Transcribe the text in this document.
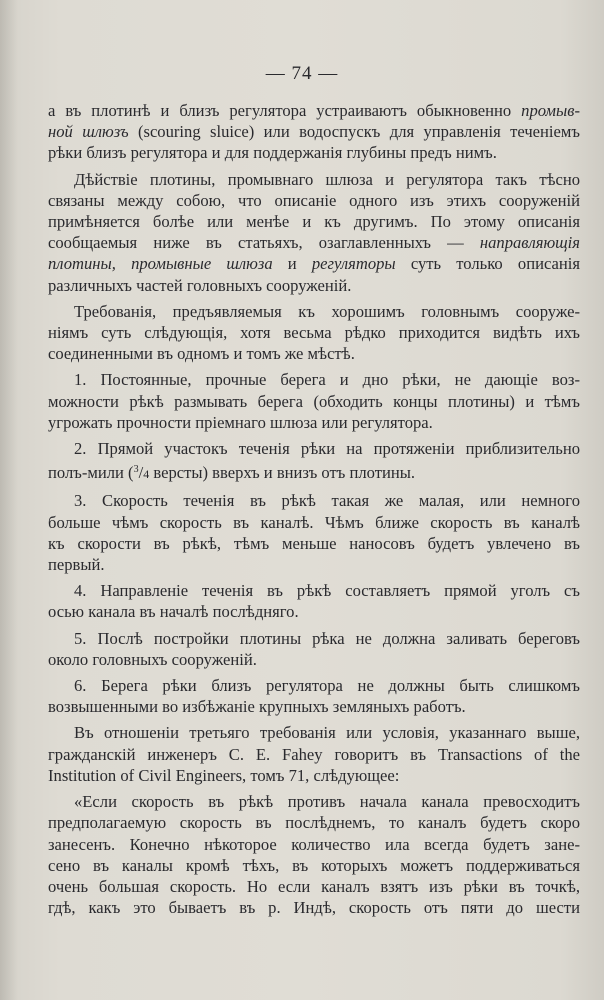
— 74 —
а въ плотинѣ и близъ регулятора устраиваютъ обыкновенно промыв-
ной шлюзъ (scouring sluice) или водоспускъ для управленія теченіемъ
рѣки близъ регулятора и для поддержанія глубины предъ нимъ.
Дѣйствіе плотины, промывнаго шлюза и регулятора такъ тѣсно
связаны между собою, что описаніе одного изъ этихъ сооруженій
примѣняется болѣе или менѣе и къ другимъ. По этому описанія
сообщаемыя ниже въ статьяхъ, озаглавленныхъ — направляющія
плотины, промывные шлюза и регуляторы суть только описанія
различныхъ частей головныхъ сооруженій.
Требованія, предъявляемыя къ хорошимъ головнымъ сооруже-
ніямъ суть слѣдующія, хотя весьма рѣдко приходится видѣть ихъ
соединенными въ одномъ и томъ же мѣстѣ.
1. Постоянные, прочные берега и дно рѣки, не дающіе воз-
можности рѣкѣ размывать берега (обходить концы плотины) и тѣмъ
угрожать прочности пріемнаго шлюза или регулятора.
2. Прямой участокъ теченія рѣки на протяженіи приблизительно
полъ-мили ($^3$/4 версты) вверхъ и внизъ отъ плотины.
3. Скорость теченія въ рѣкѣ такая же малая, или немного
больше чѣмъ скорость въ каналѣ. Чѣмъ ближе скорость въ каналѣ
къ скорости въ рѣкѣ, тѣмъ меньше наносовъ будетъ увлечено въ
первый.
4. Направленіе теченія въ рѣкѣ составляетъ прямой уголъ съ
осью канала въ началѣ послѣдняго.
5. Послѣ постройки плотины рѣка не должна заливать береговъ
около головныхъ сооруженій.
6. Берега рѣки близъ регулятора не должны быть слишкомъ
возвышенными во избѣжаніе крупныхъ земляныхъ работъ.
Въ отношеніи третьяго требованія или условія, указаннаго выше,
гражданскій инженеръ С. Е. Fahey говоритъ въ Transactions of the
Institution of Civil Engineers, томъ 71, слѣдующее:
«Если скорость въ рѣкѣ противъ начала канала превосходитъ
предполагаемую скорость въ послѣднемъ, то каналъ будетъ скоро
занесенъ. Конечно нѣкоторое количество ила всегда будетъ зане-
сено въ каналы кромѣ тѣхъ, въ которыхъ можетъ поддерживаться
очень большая скорость. Но если каналъ взятъ изъ рѣки въ точкѣ,
гдѣ, какъ это бываетъ въ р. Индѣ, скорость отъ пяти до шести
